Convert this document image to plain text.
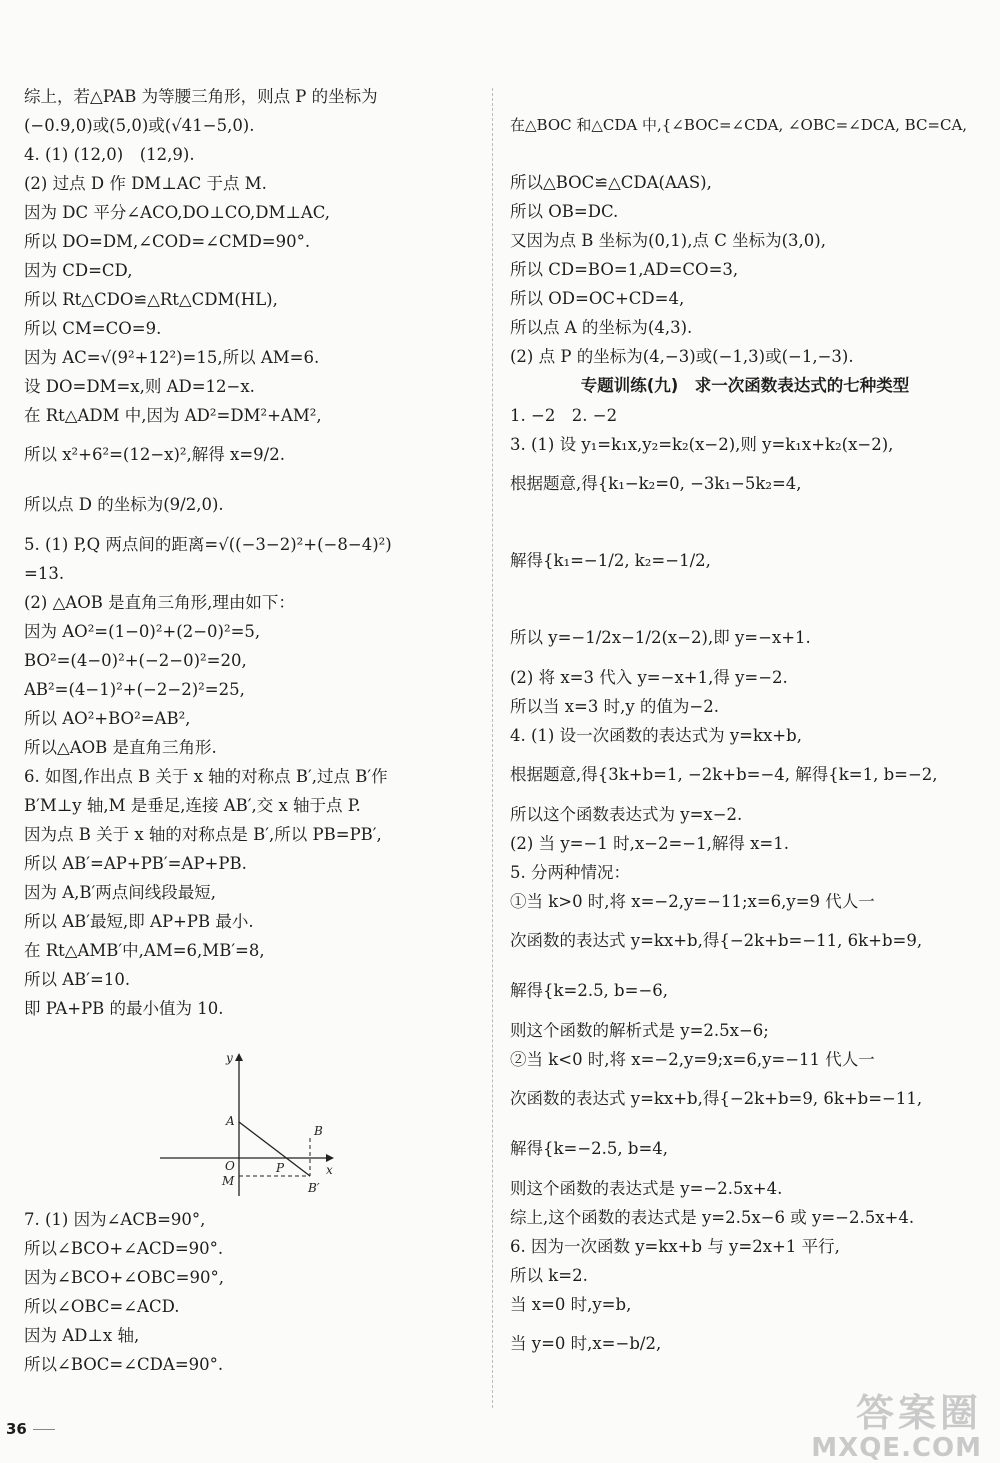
综上，若△PAB 为等腰三角形，则点 P 的坐标为
(−0.9,0)或(5,0)或(√41−5,0).
4. (1) (12,0)　(12,9).
(2) 过点 D 作 DM⊥AC 于点 M.
因为 DC 平分∠ACO,DO⊥CO,DM⊥AC,
所以 DO=DM,∠COD=∠CMD=90°.
因为 CD=CD,
所以 Rt△CDO≌△Rt△CDM(HL),
所以 CM=CO=9.
因为 AC=√(9²+12²)=15,所以 AM=6.
设 DO=DM=x,则 AD=12−x.
在 Rt△ADM 中,因为 AD²=DM²+AM²,
所以 x²+6²=(12−x)²,解得 x=9/2.
所以点 D 的坐标为(9/2,0).
5. (1) P,Q 两点间的距离=√((−3−2)²+(−8−4)²)
=13.
(2) △AOB 是直角三角形,理由如下：
因为 AO²=(1−0)²+(2−0)²=5,
BO²=(4−0)²+(−2−0)²=20,
AB²=(4−1)²+(−2−2)²=25,
所以 AO²+BO²=AB²,
所以△AOB 是直角三角形.
6. 如图,作出点 B 关于 x 轴的对称点 B′,过点 B′作
B′M⊥y 轴,M 是垂足,连接 AB′,交 x 轴于点 P.
因为点 B 关于 x 轴的对称点是 B′,所以 PB=PB′,
所以 AB′=AP+PB′=AP+PB.
因为 A,B′两点间线段最短,
所以 AB′最短,即 AP+PB 最小.
在 Rt△AMB′中,AM=6,MB′=8,
所以 AB′=10.
即 PA+PB 的最小值为 10.
7. (1) 因为∠ACB=90°,
所以∠BCO+∠ACD=90°.
因为∠BCO+∠OBC=90°,
所以∠OBC=∠ACD.
因为 AD⊥x 轴,
所以∠BOC=∠CDA=90°.
y
x
A
B
O
M
P
B′
在△BOC 和△CDA 中,{∠BOC=∠CDA, ∠OBC=∠DCA, BC=CA,
所以△BOC≌△CDA(AAS),
所以 OB=DC.
又因为点 B 坐标为(0,1),点 C 坐标为(3,0),
所以 CD=BO=1,AD=CO=3,
所以 OD=OC+CD=4,
所以点 A 的坐标为(4,3).
(2) 点 P 的坐标为(4,−3)或(−1,3)或(−1,−3).
专题训练(九)　求一次函数表达式的七种类型
1. −2　2. −2
3. (1) 设 y₁=k₁x,y₂=k₂(x−2),则 y=k₁x+k₂(x−2),
根据题意,得{k₁−k₂=0, −3k₁−5k₂=4,
解得{k₁=−1/2, k₂=−1/2,
所以 y=−1/2x−1/2(x−2),即 y=−x+1.
(2) 将 x=3 代入 y=−x+1,得 y=−2.
所以当 x=3 时,y 的值为−2.
4. (1) 设一次函数的表达式为 y=kx+b,
根据题意,得{3k+b=1, −2k+b=−4, 解得{k=1, b=−2,
所以这个函数表达式为 y=x−2.
(2) 当 y=−1 时,x−2=−1,解得 x=1.
5. 分两种情况：
①当 k>0 时,将 x=−2,y=−11;x=6,y=9 代人一
次函数的表达式 y=kx+b,得{−2k+b=−11, 6k+b=9,
解得{k=2.5, b=−6,
则这个函数的解析式是 y=2.5x−6;
②当 k<0 时,将 x=−2,y=9;x=6,y=−11 代人一
次函数的表达式 y=kx+b,得{−2k+b=9, 6k+b=−11,
解得{k=−2.5, b=4,
则这个函数的表达式是 y=−2.5x+4.
综上,这个函数的表达式是 y=2.5x−6 或 y=−2.5x+4.
6. 因为一次函数 y=kx+b 与 y=2x+1 平行,
所以 k=2.
当 x=0 时,y=b,
当 y=0 时,x=−b/2,
36	答案圈
MXQE.COM
